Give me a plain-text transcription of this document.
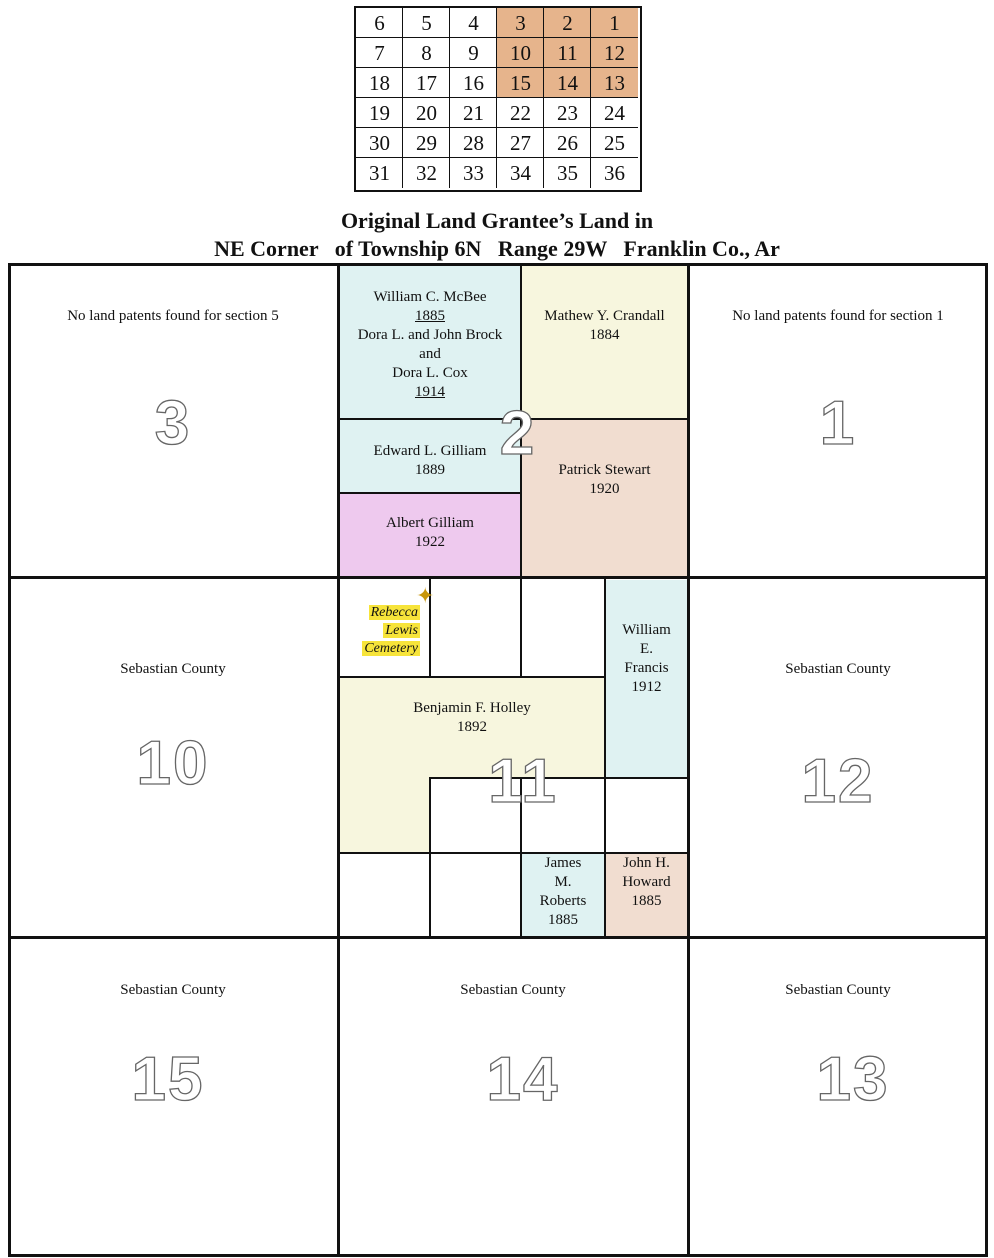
6	5	4	3	2	1
7	8	9	10	11	12
18	17	16	15	14	13
19	20	21	22	23	24
30	29	28	27	26	25
31	32	33	34	35	36
Original Land Grantee’s Land in
NE Corner   of Township 6N   Range 29W   Franklin Co., Ar
3	2	1
10	11	12
15	14	13
No land patents found for section 5	No land patents found for section 1
Sebastian County	Sebastian County
Sebastian County	Sebastian County	Sebastian County
William C. McBee
1885
Dora L. and John Brock
and
Dora L. Cox
1914
Mathew Y. Crandall
1884
Edward L. Gilliam
1889	Patrick Stewart
1920
Albert Gilliam
1922
Rebecca
Lewis
Cemetery
✦
William
E.
Francis
1912
Benjamin F. Holley
1892
James
M.
Roberts
1885
John H.
Howard
1885
